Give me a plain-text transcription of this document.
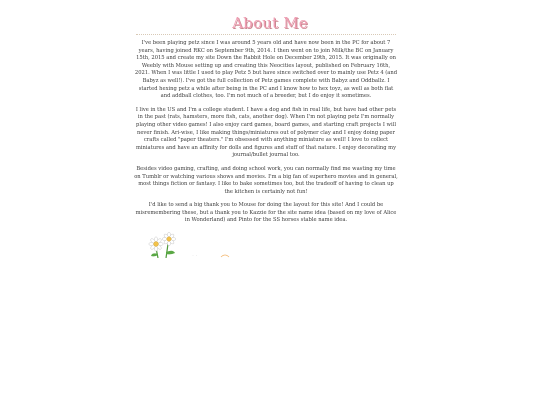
About Me

I've been playing petz since I was around 5 years old and have now been in the PC for about 7 years, having joined RKC on September 9th, 2014. I then went on to join Milk/the BC on January 15th, 2015 and create my site Down the Rabbit Hole on December 29th, 2015. It was originally on Weebly with Mouse setting up and creating this Neocities layout, published on February 16th, 2021. When I was little I used to play Petz 5 but have since switched over to mainly use Petz 4 (and Babyz as well!). I've got the full collection of Petz games complete with Babyz and Oddballz. I started hexing petz a while after being in the PC and I know how to hex toyz, as well as both flat and addball clothes, too. I'm not much of a breeder, but I do enjoy it sometimes.

I live in the US and I'm a college student. I have a dog and fish in real life, but have had other pets in the past (rats, hamsters, more fish, cats, another dog). When I'm not playing petz I'm normally playing other video games! I also enjoy card games, board games, and starting craft projects I will never finish. Ari-wise, I like making things/miniatures out of polymer clay and I enjoy doing paper crafts called "paper theaters." I'm obsessed with anything miniature as well! I love to collect miniatures and have an affinity for dolls and figures and stuff of that nature. I enjoy decorating my journal/bullet journal too.

Besides video gaming, crafting, and doing school work, you can normally find me wasting my time on Tumblr or watching various shows and movies. I'm a big fan of superhero movies and in general, most things fiction or fantasy. I like to bake sometimes too, but the tradeoff of having to clean up the kitchen is certainly not fun!

I'd like to send a big thank you to Mouse for doing the layout for this site! And I could be misremembering these, but a thank you to Kazzie for the site name idea (based on my love of Alice in Wonderland) and Pinto for the SS horses stable name idea.

˙ ˙
